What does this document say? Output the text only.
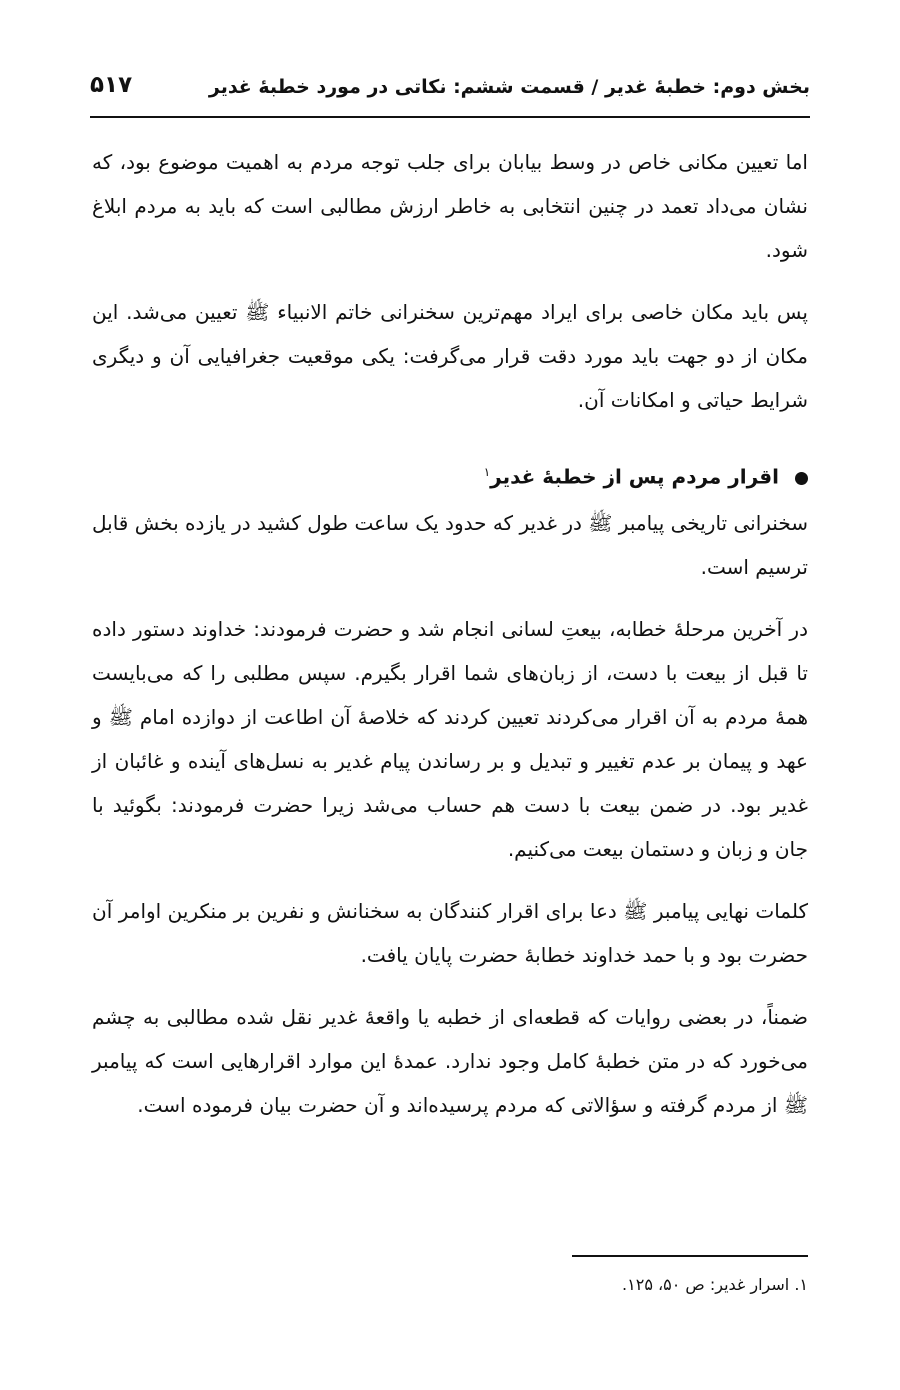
بخش دوم: خطبهٔ غدیر / قسمت ششم: نکاتی در مورد خطبهٔ غدیر
۵۱۷

اما تعیین مکانی خاص در وسط بیابان برای جلب توجه مردم به اهمیت موضوع بود، که نشان می‌داد تعمد در چنین انتخابی به خاطر ارزش مطالبی است که باید به مردم ابلاغ شود.

پس باید مکان خاصی برای ایراد مهم‌ترین سخنرانی خاتم الانبیاء ﷺ تعیین می‌شد. این مکان از دو جهت باید مورد دقت قرار می‌گرفت: یکی موقعیت جغرافیایی آن و دیگری شرایط حیاتی و امکانات آن.

اقرار مردم پس از خطبهٔ غدیر$^۱$

سخنرانی تاریخی پیامبر ﷺ در غدیر که حدود یک ساعت طول کشید در یازده بخش قابل ترسیم است.

در آخرین مرحلهٔ خطابه، بیعتِ لسانی انجام شد و حضرت فرمودند: خداوند دستور داده تا قبل از بیعت با دست، از زبان‌های شما اقرار بگیرم. سپس مطلبی را که می‌بایست همهٔ مردم به آن اقرار می‌کردند تعیین کردند که خلاصهٔ آن اطاعت از دوازده امام ﷺ و عهد و پیمان بر عدم تغییر و تبدیل و بر رساندن پیام غدیر به نسل‌های آینده و غائبان از غدیر بود. در ضمن بیعت با دست هم حساب می‌شد زیرا حضرت فرمودند: بگوئید با جان و زبان و دستمان بیعت می‌کنیم.

کلمات نهایی پیامبر ﷺ دعا برای اقرار کنندگان به سخنانش و نفرین بر منکرین اوامر آن حضرت بود و با حمد خداوند خطابهٔ حضرت پایان یافت.

ضمناً، در بعضی روایات که قطعه‌ای از خطبه یا واقعهٔ غدیر نقل شده مطالبی به چشم می‌خورد که در متن خطبهٔ کامل وجود ندارد. عمدهٔ این موارد اقرارهایی است که پیامبر ﷺ از مردم گرفته و سؤالاتی که مردم پرسیده‌اند و آن حضرت بیان فرموده است.

۱. اسرار غدیر: ص ۵۰، ۱۲۵.
